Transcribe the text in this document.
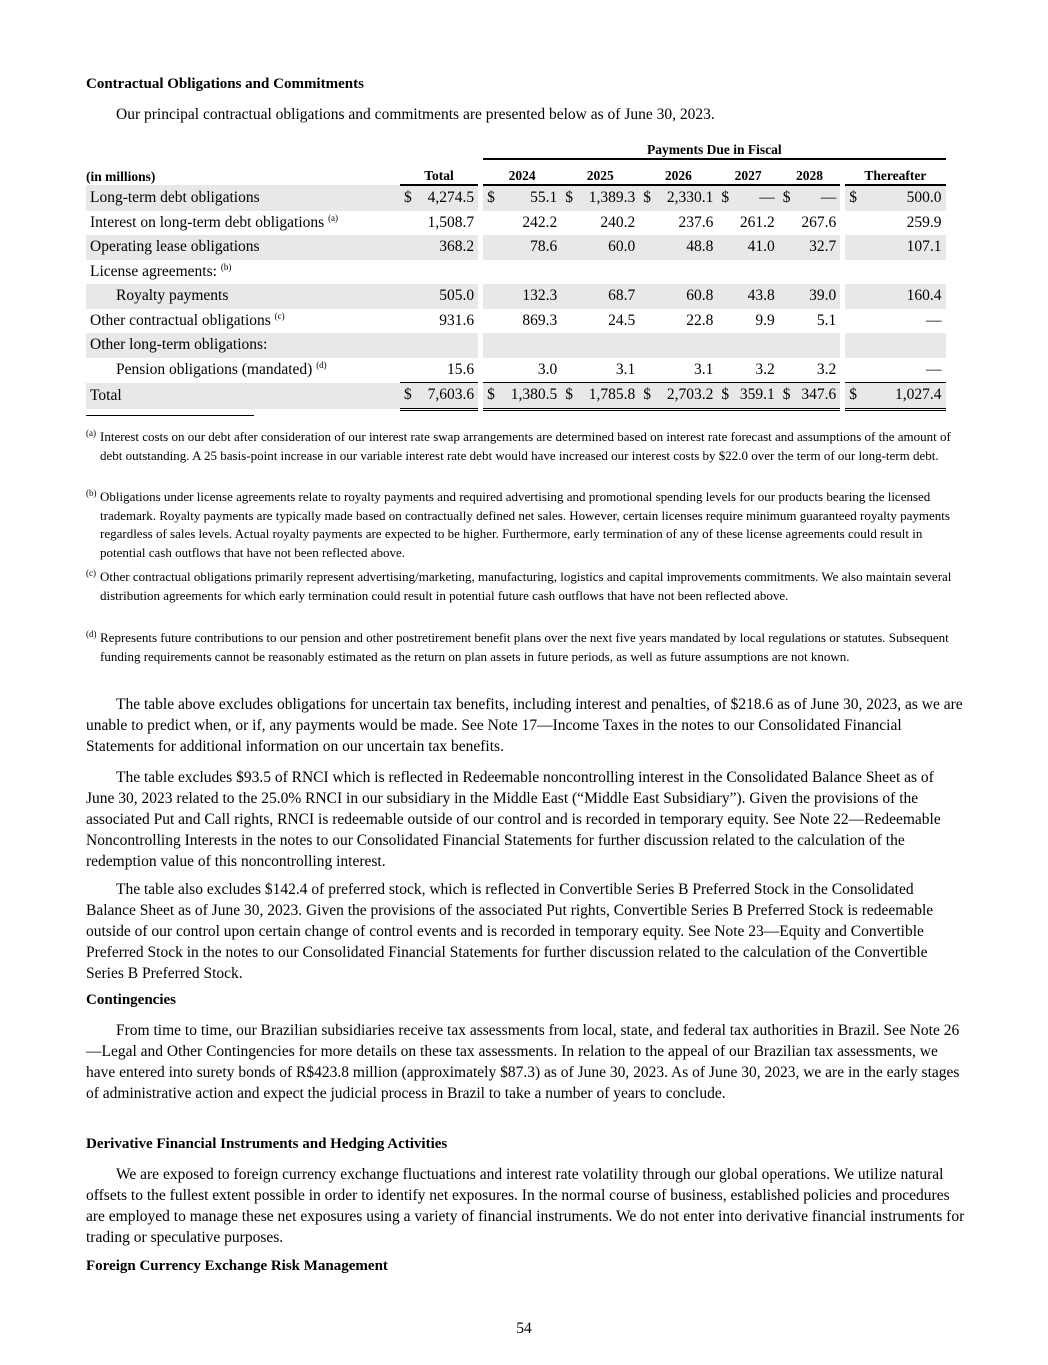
Contractual Obligations and Commitments

Our principal contractual obligations and commitments are presented below as of June 30, 2023.

			Payments Due in Fiscal								
(in millions)	Total		2024	2025	2026	2027	2028		Thereafter		
Long-term debt obligations	$ 4,274.5		$ 55.1	$ 1,389.3	$ 2,330.1	$ —	$ —		$ 500.0		
Interest on long-term debt obligations $^{(a)}$	1,508.7		242.2	240.2	237.6	261.2	267.6		259.9		
Operating lease obligations	368.2		78.6	60.0	48.8	41.0	32.7		107.1		
License agreements: $^{(b)}$									
Royalty payments	505.0		132.3	68.7	60.8	43.8	39.0		160.4		
Other contractual obligations $^{(c)}$	931.6		869.3	24.5	22.8	9.9	5.1		—		
Other long-term obligations:											
Pension obligations (mandated) $^{(d)}$	15.6		3.0	3.1	3.1	3.2	3.2		—		
Total	$ 7,603.6		$ 1,380.5	$ 1,785.8	$ 2,703.2	$ 359.1	$ 347.6		$ 1,027.4		
(a) Interest costs on our debt after consideration of our interest rate swap arrangements are determined based on interest rate forecast and assumptions of the amount of debt outstanding. A 25 basis-point increase in our variable interest rate debt would have increased our interest costs by $22.0 over the term of our long-term debt.
(b) Obligations under license agreements relate to royalty payments and required advertising and promotional spending levels for our products bearing the licensed trademark. Royalty payments are typically made based on contractually defined net sales. However, certain licenses require minimum guaranteed royalty payments regardless of sales levels. Actual royalty payments are expected to be higher. Furthermore, early termination of any of these license agreements could result in potential cash outflows that have not been reflected above.
(c) Other contractual obligations primarily represent advertising/marketing, manufacturing, logistics and capital improvements commitments. We also maintain several distribution agreements for which early termination could result in potential future cash outflows that have not been reflected above.
(d) Represents future contributions to our pension and other postretirement benefit plans over the next five years mandated by local regulations or statutes. Subsequent funding requirements cannot be reasonably estimated as the return on plan assets in future periods, as well as future assumptions are not known.

The table above excludes obligations for uncertain tax benefits, including interest and penalties, of $218.6 as of June 30, 2023, as we are unable to predict when, or if, any payments would be made. See Note 17—Income Taxes in the notes to our Consolidated Financial Statements for additional information on our uncertain tax benefits.

The table excludes $93.5 of RNCI which is reflected in Redeemable noncontrolling interest in the Consolidated Balance Sheet as of June 30, 2023 related to the 25.0% RNCI in our subsidiary in the Middle East (“Middle East Subsidiary”). Given the provisions of the associated Put and Call rights, RNCI is redeemable outside of our control and is recorded in temporary equity. See Note 22—Redeemable Noncontrolling Interests in the notes to our Consolidated Financial Statements for further discussion related to the calculation of the redemption value of this noncontrolling interest.

The table also excludes $142.4 of preferred stock, which is reflected in Convertible Series B Preferred Stock in the Consolidated Balance Sheet as of June 30, 2023. Given the provisions of the associated Put rights, Convertible Series B Preferred Stock is redeemable outside of our control upon certain change of control events and is recorded in temporary equity. See Note 23—Equity and Convertible Preferred Stock in the notes to our Consolidated Financial Statements for further discussion related to the calculation of the Convertible Series B Preferred Stock.

Contingencies

From time to time, our Brazilian subsidiaries receive tax assessments from local, state, and federal tax authorities in Brazil. See Note 26—Legal and Other Contingencies for more details on these tax assessments. In relation to the appeal of our Brazilian tax assessments, we have entered into surety bonds of R$423.8 million (approximately $87.3) as of June 30, 2023. As of June 30, 2023, we are in the early stages of administrative action and expect the judicial process in Brazil to take a number of years to conclude.

Derivative Financial Instruments and Hedging Activities

We are exposed to foreign currency exchange fluctuations and interest rate volatility through our global operations. We utilize natural offsets to the fullest extent possible in order to identify net exposures. In the normal course of business, established policies and procedures are employed to manage these net exposures using a variety of financial instruments. We do not enter into derivative financial instruments for trading or speculative purposes.

Foreign Currency Exchange Risk Management
54
